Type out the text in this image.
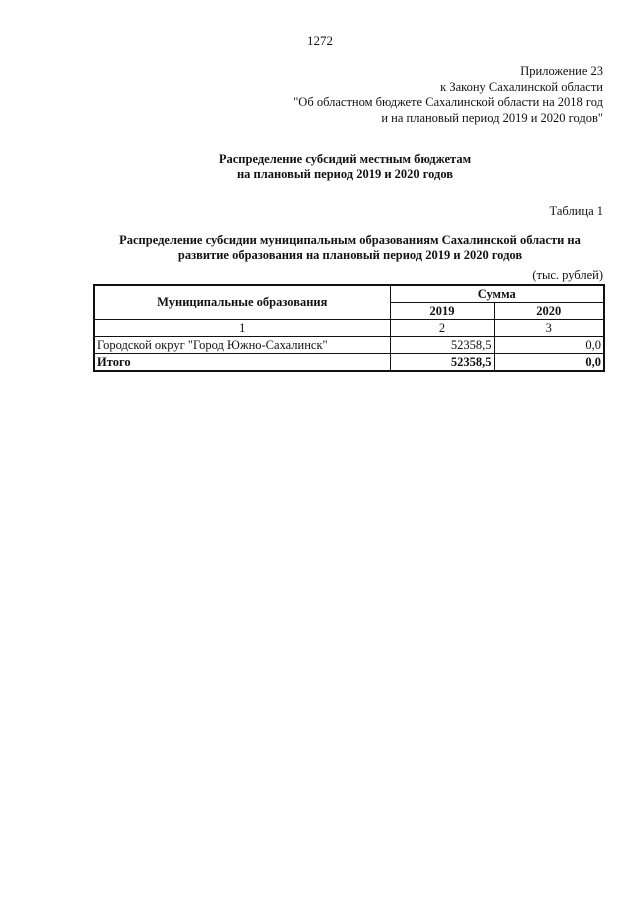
1272
Приложение 23
к Закону Сахалинской области
"Об областном бюджете Сахалинской области на 2018 год
и на плановый период 2019 и 2020 годов"
Распределение субсидий местным бюджетам
на плановый период 2019 и 2020 годов
Таблица 1
Распределение субсидии муниципальным образованиям Сахалинской области на
развитие образования на плановый период 2019 и 2020 годов
(тыс. рублей)
Муниципальные образования	Сумма	
	2019	2020
1	2	3
Городской округ "Город Южно-Сахалинск"	52358,5	0,0
Итого	52358,5	0,0
